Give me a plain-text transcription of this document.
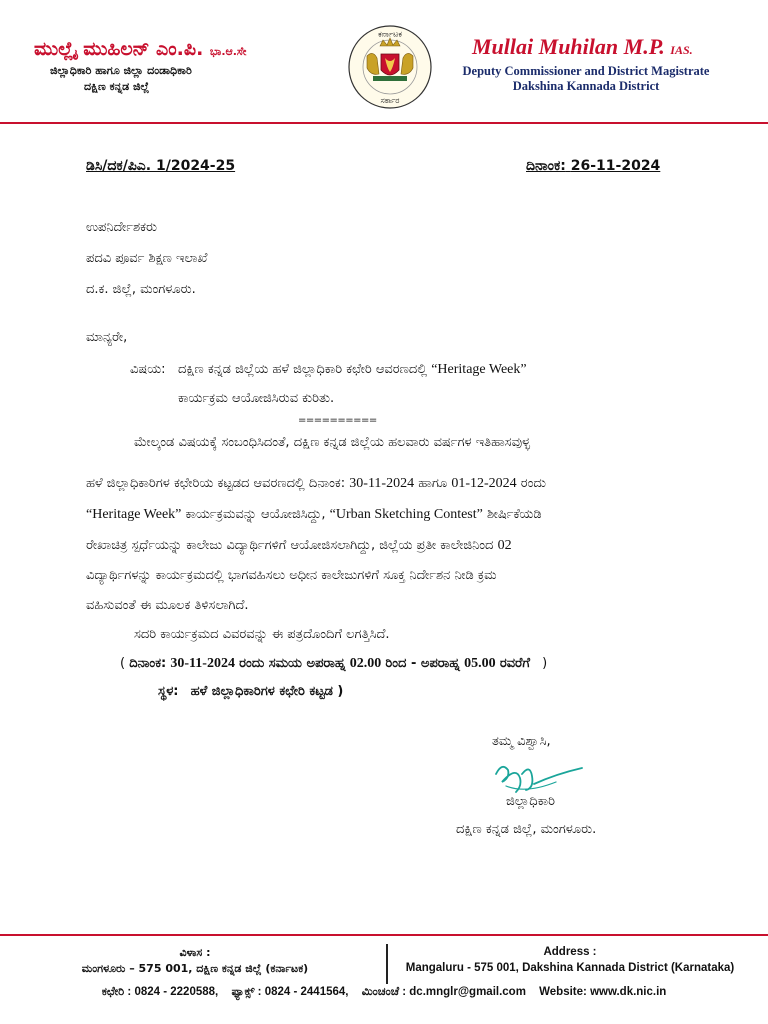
ಮುಲ್ಲೈ ಮುಹಿಲನ್ ಎಂ.ಪಿ. ಭಾ.ಆ.ಸೇ
ಜಿಲ್ಲಾಧಿಕಾರಿ ಹಾಗೂ ಜಿಲ್ಲಾ ದಂಡಾಧಿಕಾರಿ
ದಕ್ಷಿಣ ಕನ್ನಡ ಜಿಲ್ಲೆ
ಕರ್ನಾಟಕ
ಸರ್ಕಾರ
Mullai Muhilan M.P. IAS.
Deputy Commissioner and District Magistrate
Dakshina Kannada District
ಡಿಸಿ/ದಕ/ಪಿಎ. 1/2024-25	ದಿನಾಂಕ: 26-11-2024
ಉಪನಿರ್ದೇಶಕರು
ಪದವಿ ಪೂರ್ವ ಶಿಕ್ಷಣ ಇಲಾಖೆ
ದ.ಕ. ಜಿಲ್ಲೆ, ಮಂಗಳೂರು.
ಮಾನ್ಯರೇ,
ವಿಷಯ: ದಕ್ಷಿಣ ಕನ್ನಡ ಜಿಲ್ಲೆಯ ಹಳೆ ಜಿಲ್ಲಾಧಿಕಾರಿ ಕಛೇರಿ ಆವರಣದಲ್ಲಿ “Heritage Week”
ಕಾರ್ಯಕ್ರಮ ಆಯೋಜಿಸಿರುವ ಕುರಿತು.
==========
ಮೇಲ್ಕಂಡ ವಿಷಯಕ್ಕೆ ಸಂಬಂಧಿಸಿದಂತೆ, ದಕ್ಷಿಣ ಕನ್ನಡ ಜಿಲ್ಲೆಯ ಹಲವಾರು ವರ್ಷಗಳ ಇತಿಹಾಸವುಳ್ಳ
ಹಳೆ ಜಿಲ್ಲಾಧಿಕಾರಿಗಳ ಕಛೇರಿಯ ಕಟ್ಟಡದ ಆವರಣದಲ್ಲಿ ದಿನಾಂಕ: 30-11-2024 ಹಾಗೂ 01-12-2024 ರಂದು
“Heritage Week” ಕಾರ್ಯಕ್ರಮವನ್ನು ಆಯೋಜಿಸಿದ್ದು, “Urban Sketching Contest” ಶೀರ್ಷಿಕೆಯಡಿ
ರೇಖಾಚಿತ್ರ ಸ್ಪರ್ಧೆಯನ್ನು ಕಾಲೇಜು ವಿದ್ಯಾರ್ಥಿಗಳಿಗೆ ಆಯೋಜಿಸಲಾಗಿದ್ದು, ಜಿಲ್ಲೆಯ ಪ್ರತೀ ಕಾಲೇಜಿನಿಂದ 02
ವಿದ್ಯಾರ್ಥಿಗಳನ್ನು ಕಾರ್ಯಕ್ರಮದಲ್ಲಿ ಭಾಗವಹಿಸಲು ಅಧೀನ ಕಾಲೇಜುಗಳಿಗೆ ಸೂಕ್ತ ನಿರ್ದೇಶನ ನೀಡಿ ಕ್ರಮ
ವಹಿಸುವಂತೆ ಈ ಮೂಲಕ ತಿಳಿಸಲಾಗಿದೆ.
ಸದರಿ ಕಾರ್ಯಕ್ರಮದ ವಿವರವನ್ನು ಈ ಪತ್ರದೊಂದಿಗೆ ಲಗತ್ತಿಸಿದೆ.
( ದಿನಾಂಕ: 30-11-2024 ರಂದು ಸಮಯ ಅಪರಾಹ್ನ 02.00 ರಿಂದ - ಅಪರಾಹ್ನ 05.00 ರವರೆಗೆ )
ಸ್ಥಳ: ಹಳೆ ಜಿಲ್ಲಾಧಿಕಾರಿಗಳ ಕಛೇರಿ ಕಟ್ಟಡ )
ತಮ್ಮ ವಿಶ್ವಾಸಿ,
ಜಿಲ್ಲಾಧಿಕಾರಿ
ದಕ್ಷಿಣ ಕನ್ನಡ ಜಿಲ್ಲೆ, ಮಂಗಳೂರು.
ವಿಳಾಸ :
ಮಂಗಳೂರು – 575 001, ದಕ್ಷಿಣ ಕನ್ನಡ ಜಿಲ್ಲೆ (ಕರ್ನಾಟಕ)
Address :
Mangaluru - 575 001, Dakshina Kannada District (Karnataka)
ಕಛೇರಿ : 0824 - 2220588, ಫ್ಯಾಕ್ಸ್ : 0824 - 2441564, ಮಿಂಚಂಚೆ : dc.mnglr@gmail.com Website: www.dk.nic.in
